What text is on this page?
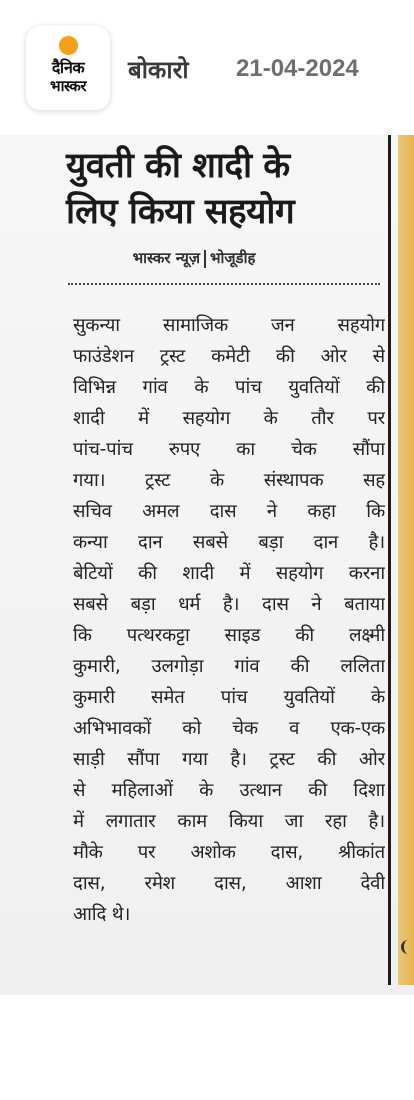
दैनिक
भास्कर
बोकारो 21-04-2024
युवती की शादी के
लिए किया सहयोग
भास्कर न्यूज़ भोजूडीह
सुकन्या सामाजिक जन सहयोग
फाउंडेशन ट्रस्ट कमेटी की ओर से
विभिन्न गांव के पांच युवतियों की
शादी में सहयोग के तौर पर
पांच-पांच रुपए का चेक सौंपा
गया। ट्रस्ट के संस्थापक सह
सचिव अमल दास ने कहा कि
कन्या दान सबसे बड़ा दान है।
बेटियों की शादी में सहयोग करना
सबसे बड़ा धर्म है। दास ने बताया
कि पत्थरकट्टा साइड की लक्ष्मी
कुमारी, उलगोड़ा गांव की ललिता
कुमारी समेत पांच युवतियों के
अभिभावकों को चेक व एक-एक
साड़ी सौंपा गया है। ट्रस्ट की ओर
से महिलाओं के उत्थान की दिशा
में लगातार काम किया जा रहा है।
मौके पर अशोक दास, श्रीकांत
दास, रमेश दास, आशा देवी
आदि थे।
